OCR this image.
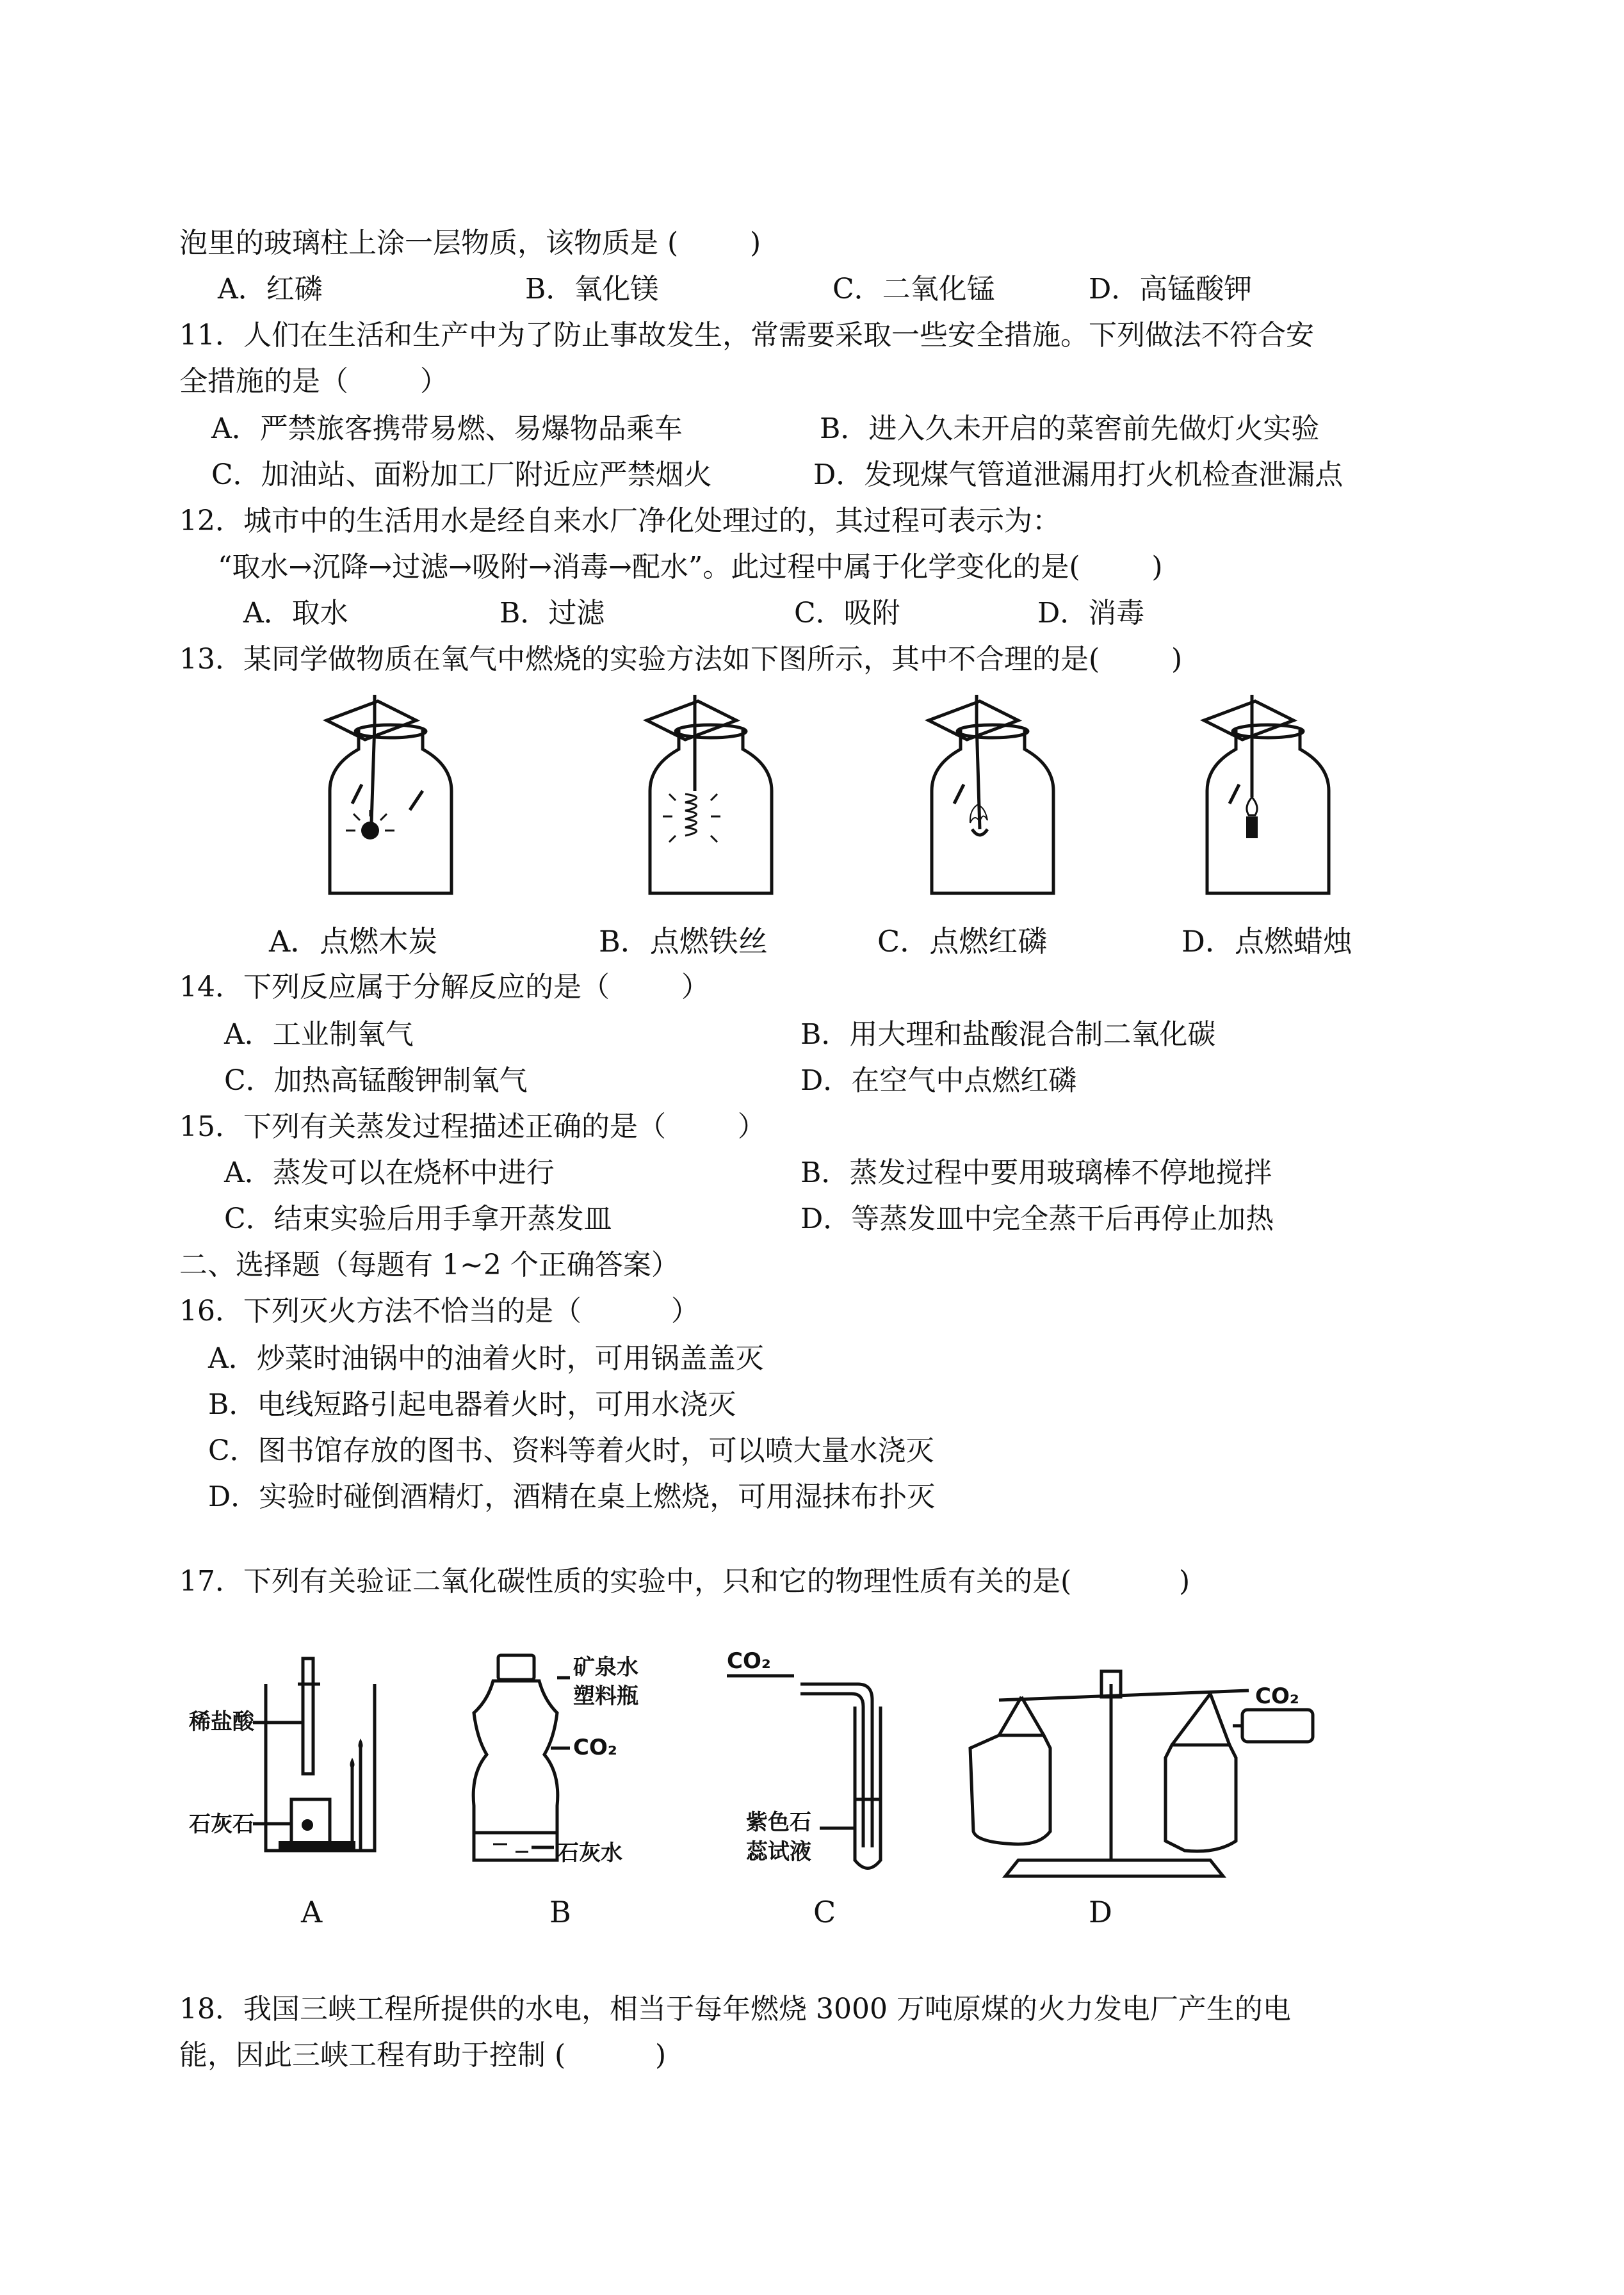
泡里的玻璃柱上涂一层物质，该物质是 (        )
A．红磷	B．氧化镁	C．二氧化锰	D．高锰酸钾
11．人们在生活和生产中为了防止事故发生，常需要采取一些安全措施。下列做法不符合安
全措施的是（        ）
A．严禁旅客携带易燃、易爆物品乘车	B．进入久未开启的菜窖前先做灯火实验
C．加油站、面粉加工厂附近应严禁烟火	D．发现煤气管道泄漏用打火机检查泄漏点
12．城市中的生活用水是经自来水厂净化处理过的，其过程可表示为：
“取水→沉降→过滤→吸附→消毒→配水”。此过程中属于化学变化的是(        )
A．取水	B．过滤	C．吸附	D．消毒
13．某同学做物质在氧气中燃烧的实验方法如下图所示，其中不合理的是(        )
A．点燃木炭	B．点燃铁丝	C．点燃红磷	D．点燃蜡烛
14．下列反应属于分解反应的是（        ）
A．工业制氧气	B．用大理和盐酸混合制二氧化碳
C．加热高锰酸钾制氧气	D．在空气中点燃红磷
15．下列有关蒸发过程描述正确的是（        ）
A．蒸发可以在烧杯中进行	B．蒸发过程中要用玻璃棒不停地搅拌
C．结束实验后用手拿开蒸发皿	D．等蒸发皿中完全蒸干后再停止加热
二、选择题（每题有 1~2 个正确答案）
16．下列灭火方法不恰当的是（          ）
A．炒菜时油锅中的油着火时，可用锅盖盖灭
B．电线短路引起电器着火时，可用水浇灭
C．图书馆存放的图书、资料等着火时，可以喷大量水浇灭
D．实验时碰倒酒精灯，酒精在桌上燃烧，可用湿抹布扑灭
17．下列有关验证二氧化碳性质的实验中，只和它的物理性质有关的是(            )
稀盐酸
石灰石
矿泉水
塑料瓶
CO₂
石灰水
CO₂
紫色石
蕊试液
CO₂
A	B	C	D
18．我国三峡工程所提供的水电，相当于每年燃烧 3000 万吨原煤的火力发电厂产生的电
能，因此三峡工程有助于控制 (          )
